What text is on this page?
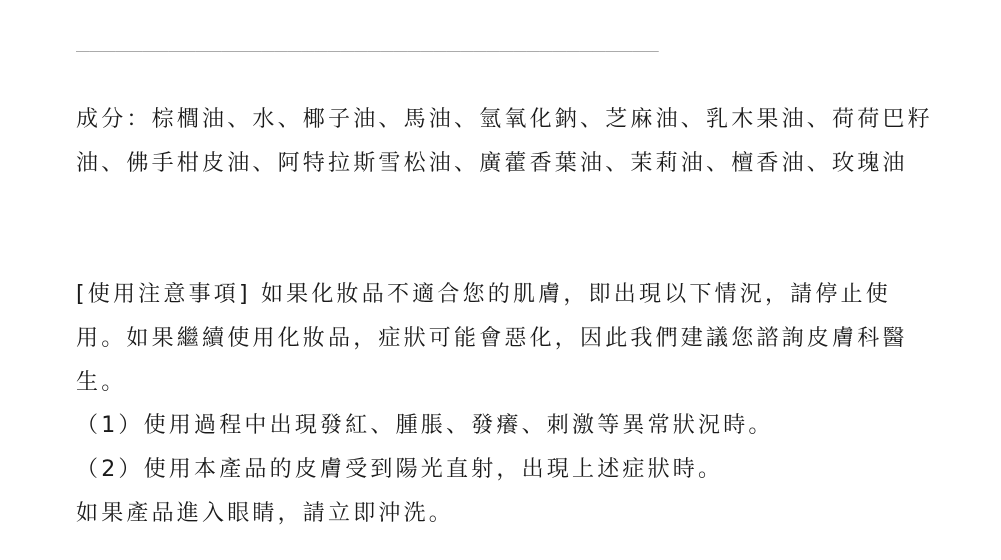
____________________________________________

成分：棕櫚油、水、椰子油、馬油、氫氧化鈉、芝麻油、乳木果油、荷荷巴籽油、佛手柑皮油、阿特拉斯雪松油、廣藿香葉油、茉莉油、檀香油、玫瑰油

[使用注意事項] 如果化妝品不適合您的肌膚，即出現以下情況，請停止使用。如果繼續使用化妝品，症狀可能會惡化，因此我們建議您諮詢皮膚科醫生。

（1）使用過程中出現發紅、腫脹、發癢、刺激等異常狀況時。

（2）使用本產品的皮膚受到陽光直射，出現上述症狀時。

如果產品進入眼睛，請立即沖洗。
